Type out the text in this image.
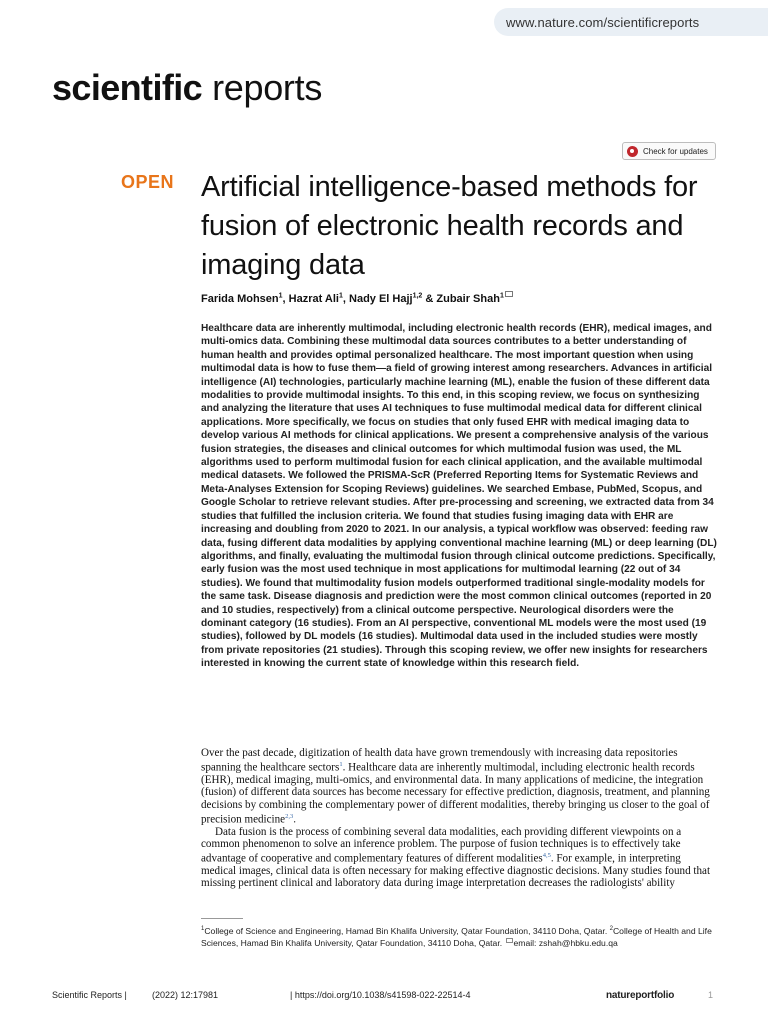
www.nature.com/scientificreports
scientific reports
Check for updates
OPEN Artificial intelligence-based methods for fusion of electronic health records and imaging data
Farida Mohsen$^1$, Hazrat Ali$^1$, Nady El Hajj$^{1,2}$ & Zubair Shah$^1$

Healthcare data are inherently multimodal, including electronic health records (EHR), medical images, and multi-omics data. Combining these multimodal data sources contributes to a better understanding of human health and provides optimal personalized healthcare. The most important question when using multimodal data is how to fuse them—a field of growing interest among researchers. Advances in artificial intelligence (AI) technologies, particularly machine learning (ML), enable the fusion of these different data modalities to provide multimodal insights. To this end, in this scoping review, we focus on synthesizing and analyzing the literature that uses AI techniques to fuse multimodal medical data for different clinical applications. More specifically, we focus on studies that only fused EHR with medical imaging data to develop various AI methods for clinical applications. We present a comprehensive analysis of the various fusion strategies, the diseases and clinical outcomes for which multimodal fusion was used, the ML algorithms used to perform multimodal fusion for each clinical application, and the available multimodal medical datasets. We followed the PRISMA-ScR (Preferred Reporting Items for Systematic Reviews and Meta-Analyses Extension for Scoping Reviews) guidelines. We searched Embase, PubMed, Scopus, and Google Scholar to retrieve relevant studies. After pre-processing and screening, we extracted data from 34 studies that fulfilled the inclusion criteria. We found that studies fusing imaging data with EHR are increasing and doubling from 2020 to 2021. In our analysis, a typical workflow was observed: feeding raw data, fusing different data modalities by applying conventional machine learning (ML) or deep learning (DL) algorithms, and finally, evaluating the multimodal fusion through clinical outcome predictions. Specifically, early fusion was the most used technique in most applications for multimodal learning (22 out of 34 studies). We found that multimodality fusion models outperformed traditional single-modality models for the same task. Disease diagnosis and prediction were the most common clinical outcomes (reported in 20 and 10 studies, respectively) from a clinical outcome perspective. Neurological disorders were the dominant category (16 studies). From an AI perspective, conventional ML models were the most used (19 studies), followed by DL models (16 studies). Multimodal data used in the included studies were mostly from private repositories (21 studies). Through this scoping review, we offer new insights for researchers interested in knowing the current state of knowledge within this research field.

Over the past decade, digitization of health data have grown tremendously with increasing data repositories spanning the healthcare sectors$^1$. Healthcare data are inherently multimodal, including electronic health records (EHR), medical imaging, multi-omics, and environmental data. In many applications of medicine, the integration (fusion) of different data sources has become necessary for effective prediction, diagnosis, treatment, and planning decisions by combining the complementary power of different modalities, thereby bringing us closer to the goal of precision medicine$^{2,3}$.

Data fusion is the process of combining several data modalities, each providing different viewpoints on a common phenomenon to solve an inference problem. The purpose of fusion techniques is to effectively take advantage of cooperative and complementary features of different modalities$^{4,5}$. For example, in interpreting medical images, clinical data is often necessary for making effective diagnostic decisions. Many studies found that missing pertinent clinical and laboratory data during image interpretation decreases the radiologists' ability

$^1$College of Science and Engineering, Hamad Bin Khalifa University, Qatar Foundation, 34110 Doha, Qatar. $^2$College of Health and Life Sciences, Hamad Bin Khalifa University, Qatar Foundation, 34110 Doha, Qatar. email: zshah@hbku.edu.qa

Scientific Reports |	(2022) 12:17981	| https://doi.org/10.1038/s41598-022-22514-4	natureportfolio	1
